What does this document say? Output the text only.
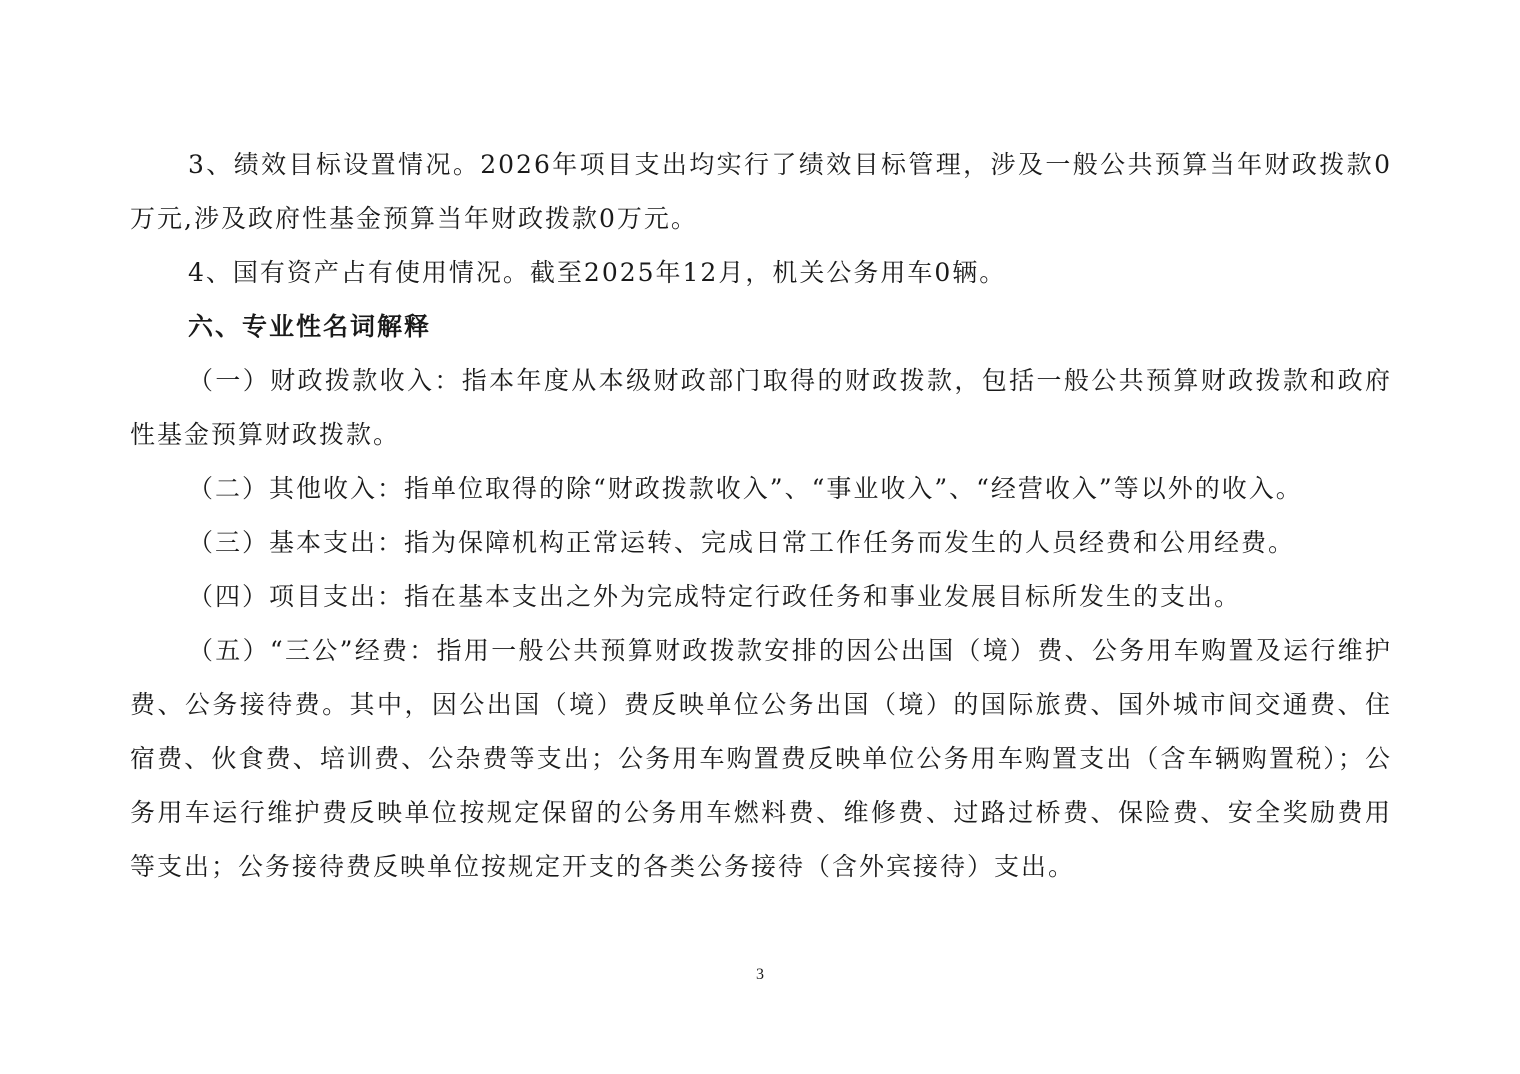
3、绩效目标设置情况。2026年项目支出均实行了绩效目标管理，涉及一般公共预算当年财政拨款0万元,涉及政府性基金预算当年财政拨款0万元。

4、国有资产占有使用情况。截至2025年12月，机关公务用车0辆。

六、专业性名词解释

（一）财政拨款收入：指本年度从本级财政部门取得的财政拨款，包括一般公共预算财政拨款和政府性基金预算财政拨款。

（二）其他收入：指单位取得的除“财政拨款收入”、“事业收入”、“经营收入”等以外的收入。

（三）基本支出：指为保障机构正常运转、完成日常工作任务而发生的人员经费和公用经费。

（四）项目支出：指在基本支出之外为完成特定行政任务和事业发展目标所发生的支出。

（五）“三公”经费：指用一般公共预算财政拨款安排的因公出国（境）费、公务用车购置及运行维护费、公务接待费。其中，因公出国（境）费反映单位公务出国（境）的国际旅费、国外城市间交通费、住宿费、伙食费、培训费、公杂费等支出；公务用车购置费反映单位公务用车购置支出（含车辆购置税）；公务用车运行维护费反映单位按规定保留的公务用车燃料费、维修费、过路过桥费、保险费、安全奖励费用等支出；公务接待费反映单位按规定开支的各类公务接待（含外宾接待）支出。

3
